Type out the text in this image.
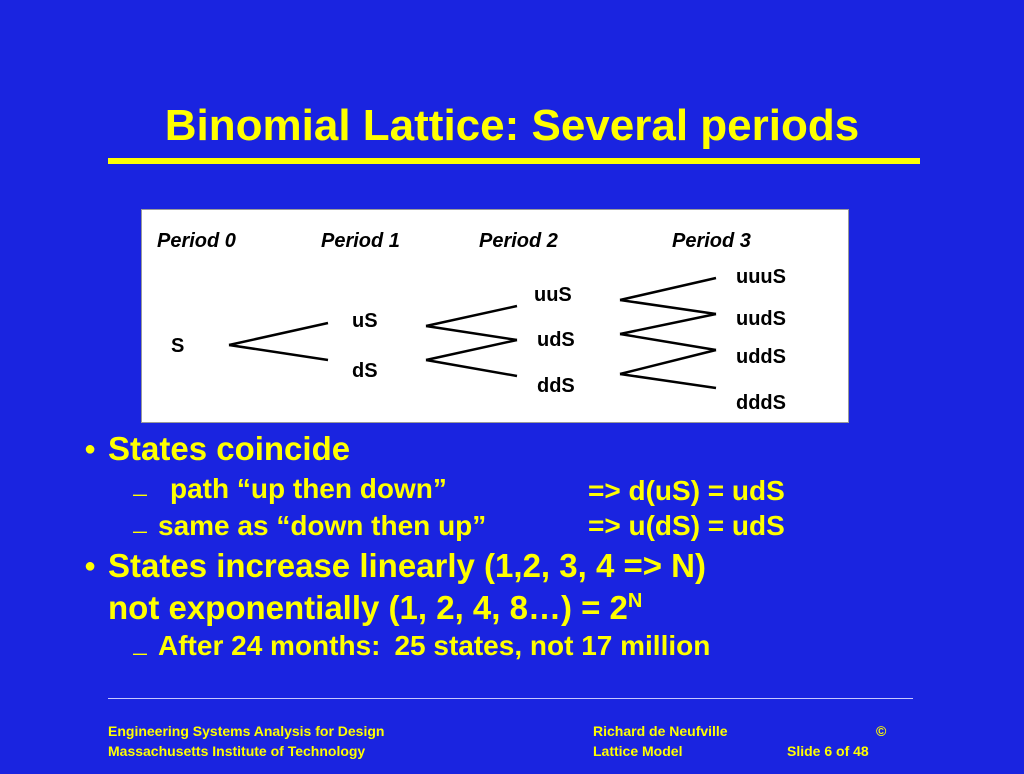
Binomial Lattice: Several periods
Period 0	Period 1	Period 2	Period 3
S
uS
dS
uuS
udS
ddS
uuuS
uudS
uddS
dddS
● States coincide
— path “up then down”	=> d(uS) = udS
— same as “down then up”	=> u(dS) = udS
● States increase linearly (1,2, 3, 4 => N)
not exponentially (1, 2, 4, 8…) = $2^N$
— After 24 months: 25 states, not 17 million
Engineering Systems Analysis for Design
Massachusetts Institute of Technology
Richard de Neufville
Lattice Model
©
Slide 6 of 48
